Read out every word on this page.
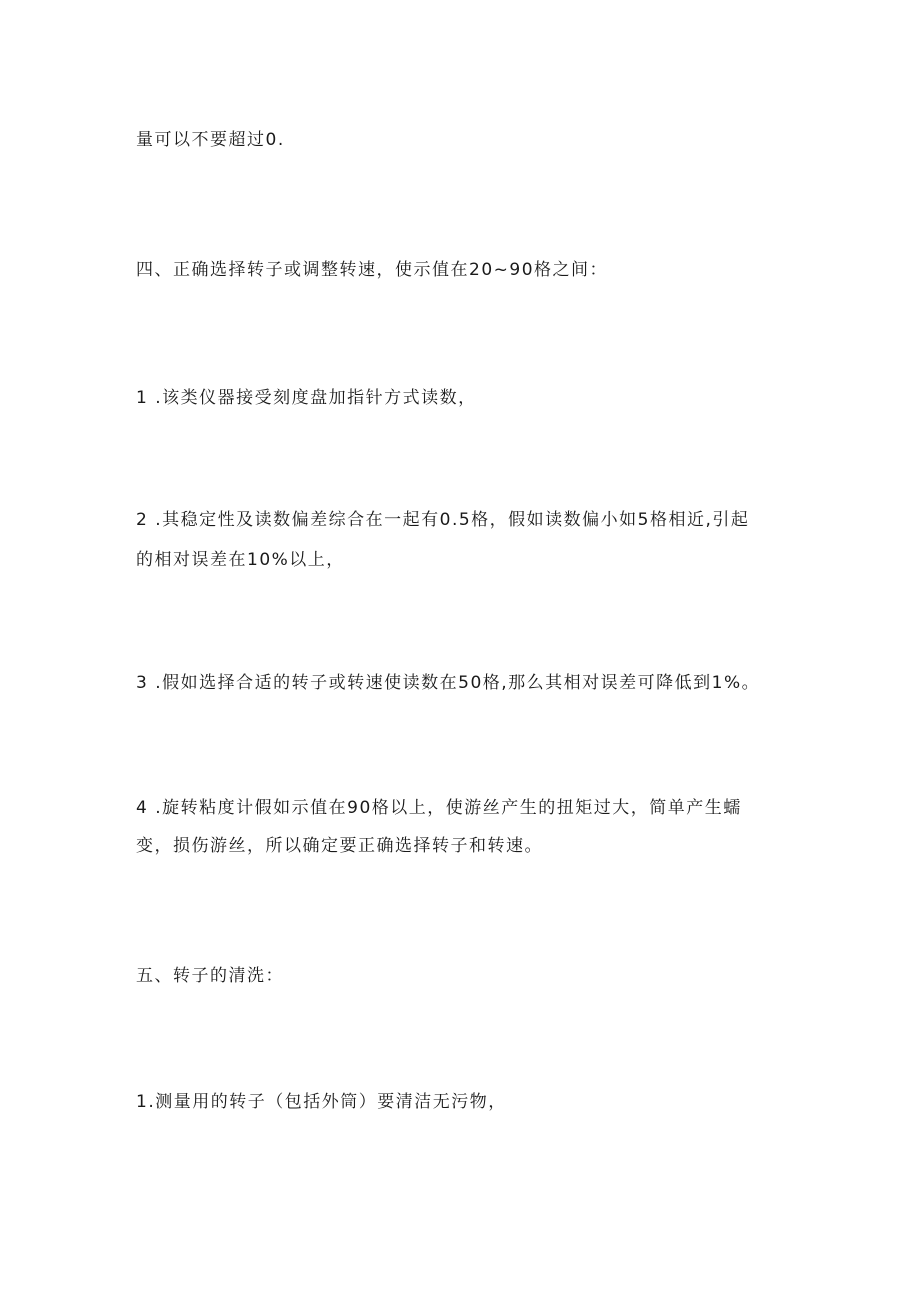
量可以不要超过0.

四、正确选择转子或调整转速，使示值在20~90格之间：

1 .该类仪器接受刻度盘加指针方式读数，

2 .其稳定性及读数偏差综合在一起有0.5格，假如读数偏小如5格相近,引起

的相对误差在10%以上，

3 .假如选择合适的转子或转速使读数在50格,那么其相对误差可降低到1%。

4 .旋转粘度计假如示值在90格以上，使游丝产生的扭矩过大，简单产生蠕

变，损伤游丝，所以确定要正确选择转子和转速。

五、转子的清洗：

1.测量用的转子（包括外筒）要清洁无污物，
